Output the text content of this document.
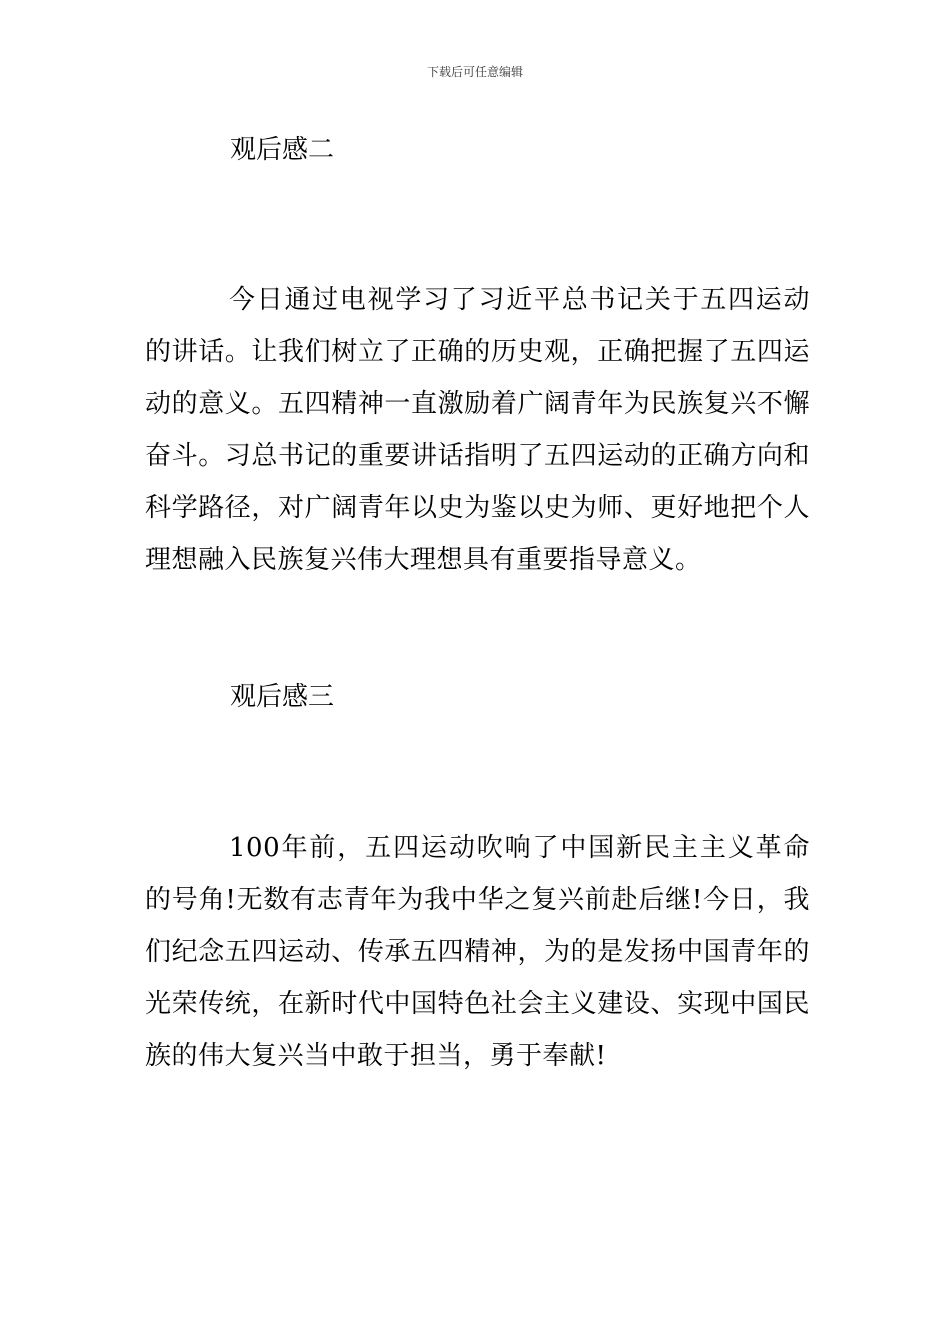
下载后可任意编辑
观后感二
今日通过电视学习了习近平总书记关于五四运动的讲话。让我们树立了正确的历史观，正确把握了五四运动的意义。五四精神一直激励着广阔青年为民族复兴不懈奋斗。习总书记的重要讲话指明了五四运动的正确方向和科学路径，对广阔青年以史为鉴以史为师、更好地把个人理想融入民族复兴伟大理想具有重要指导意义。
观后感三
100年前，五四运动吹响了中国新民主主义革命的号角!无数有志青年为我中华之复兴前赴后继!今日，我们纪念五四运动、传承五四精神，为的是发扬中国青年的光荣传统，在新时代中国特色社会主义建设、实现中国民族的伟大复兴当中敢于担当，勇于奉献!
